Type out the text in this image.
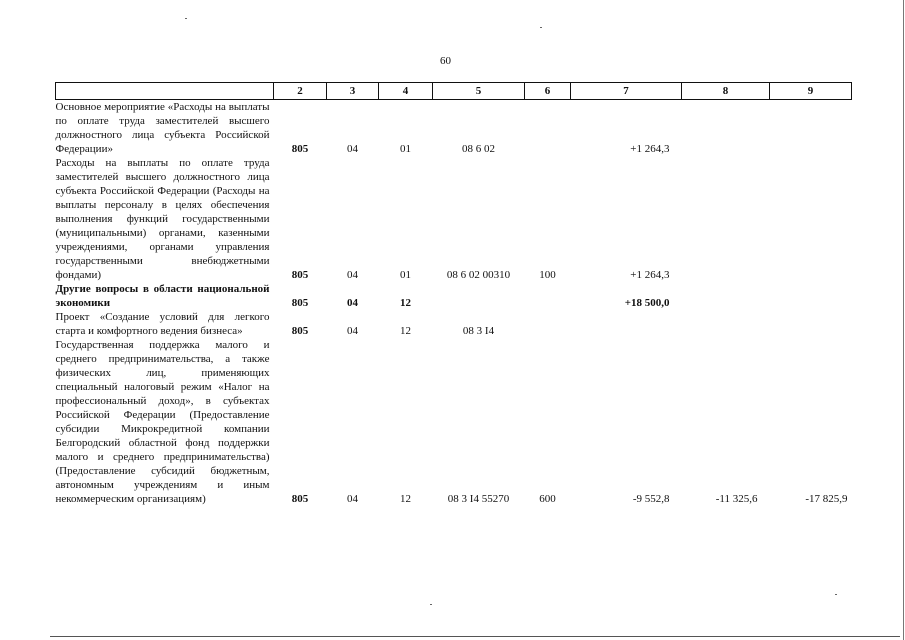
60
	2	3	4	5	6	7	8	9
Основное мероприятие «Расходы на выплаты по оплате труда заместителей высшего должностного лица субъекта Российской Федерации»	805	04	01	08 6 02		+1 264,3		
Расходы на выплаты по оплате труда заместителей высшего должностного лица субъекта Российской Федерации (Расходы на выплаты персоналу в целях обеспечения выполнения функций государственными (муниципальными) органами, казенными учреждениями, органами управления государственными внебюджетными фондами)	805	04	01	08 6 02 00310	100	+1 264,3		
Другие вопросы в области национальной экономики	805	04	12			+18 500,0		
Проект «Создание условий для легкого старта и комфортного ведения бизнеса»	805	04	12	08 3 I4				
Государственная поддержка малого и среднего предпринимательства, а также физических лиц, применяющих специальный налоговый режим «Налог на профессиональный доход», в субъектах Российской Федерации (Предоставление субсидии Микрокредитной компании Белгородский областной фонд поддержки малого и среднего предпринимательства) (Предоставление субсидий бюджетным, автономным учреждениям и иным некоммерческим организациям)	805	04	12	08 3 I4 55270	600	-9 552,8	-11 325,6	-17 825,9
